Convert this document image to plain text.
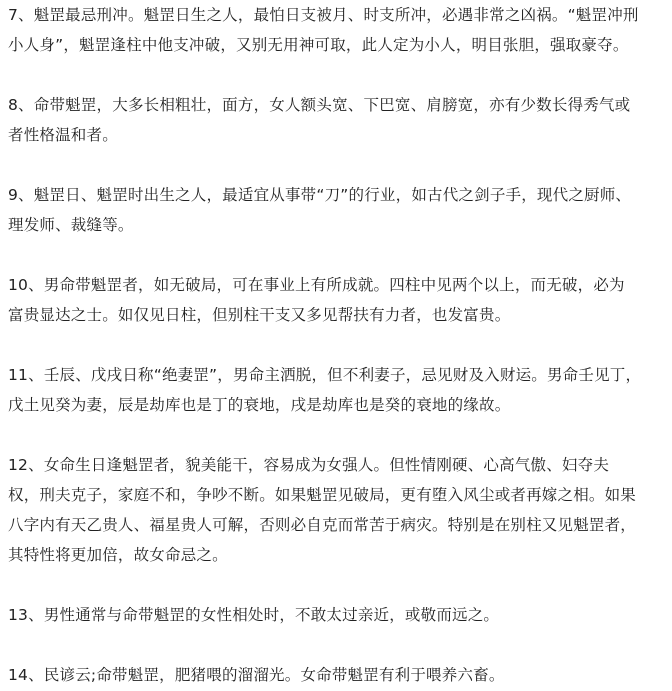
7、魁罡最忌刑冲。魁罡日生之人，最怕日支被月、时支所冲，必遇非常之凶祸。“魁罡冲刑
小人身”，魁罡逢柱中他支冲破，又别无用神可取，此人定为小人，明目张胆，强取豪夺。

8、命带魁罡，大多长相粗壮，面方，女人额头宽、下巴宽、肩膀宽，亦有少数长得秀气或
者性格温和者。

9、魁罡日、魁罡时出生之人，最适宜从事带“刀”的行业，如古代之剑子手，现代之厨师、
理发师、裁缝等。

10、男命带魁罡者，如无破局，可在事业上有所成就。四柱中见两个以上，而无破，必为
富贵显达之士。如仅见日柱，但别柱干支又多见帮扶有力者，也发富贵。

11、壬辰、戊戌日称“绝妻罡”，男命主洒脱，但不利妻子，忌见财及入财运。男命壬见丁，
戊土见癸为妻，辰是劫库也是丁的衰地，戌是劫库也是癸的衰地的缘故。

12、女命生日逢魁罡者，貌美能干，容易成为女强人。但性情刚硬、心高气傲、妇夺夫
权，刑夫克子，家庭不和，争吵不断。如果魁罡见破局，更有堕入风尘或者再嫁之相。如果
八字内有天乙贵人、福星贵人可解，否则必自克而常苦于病灾。特别是在别柱又见魁罡者，
其特性将更加倍，故女命忌之。

13、男性通常与命带魁罡的女性相处时，不敢太过亲近，或敬而远之。

14、民谚云;命带魁罡，肥猪喂的溜溜光。女命带魁罡有利于喂养六畜。
